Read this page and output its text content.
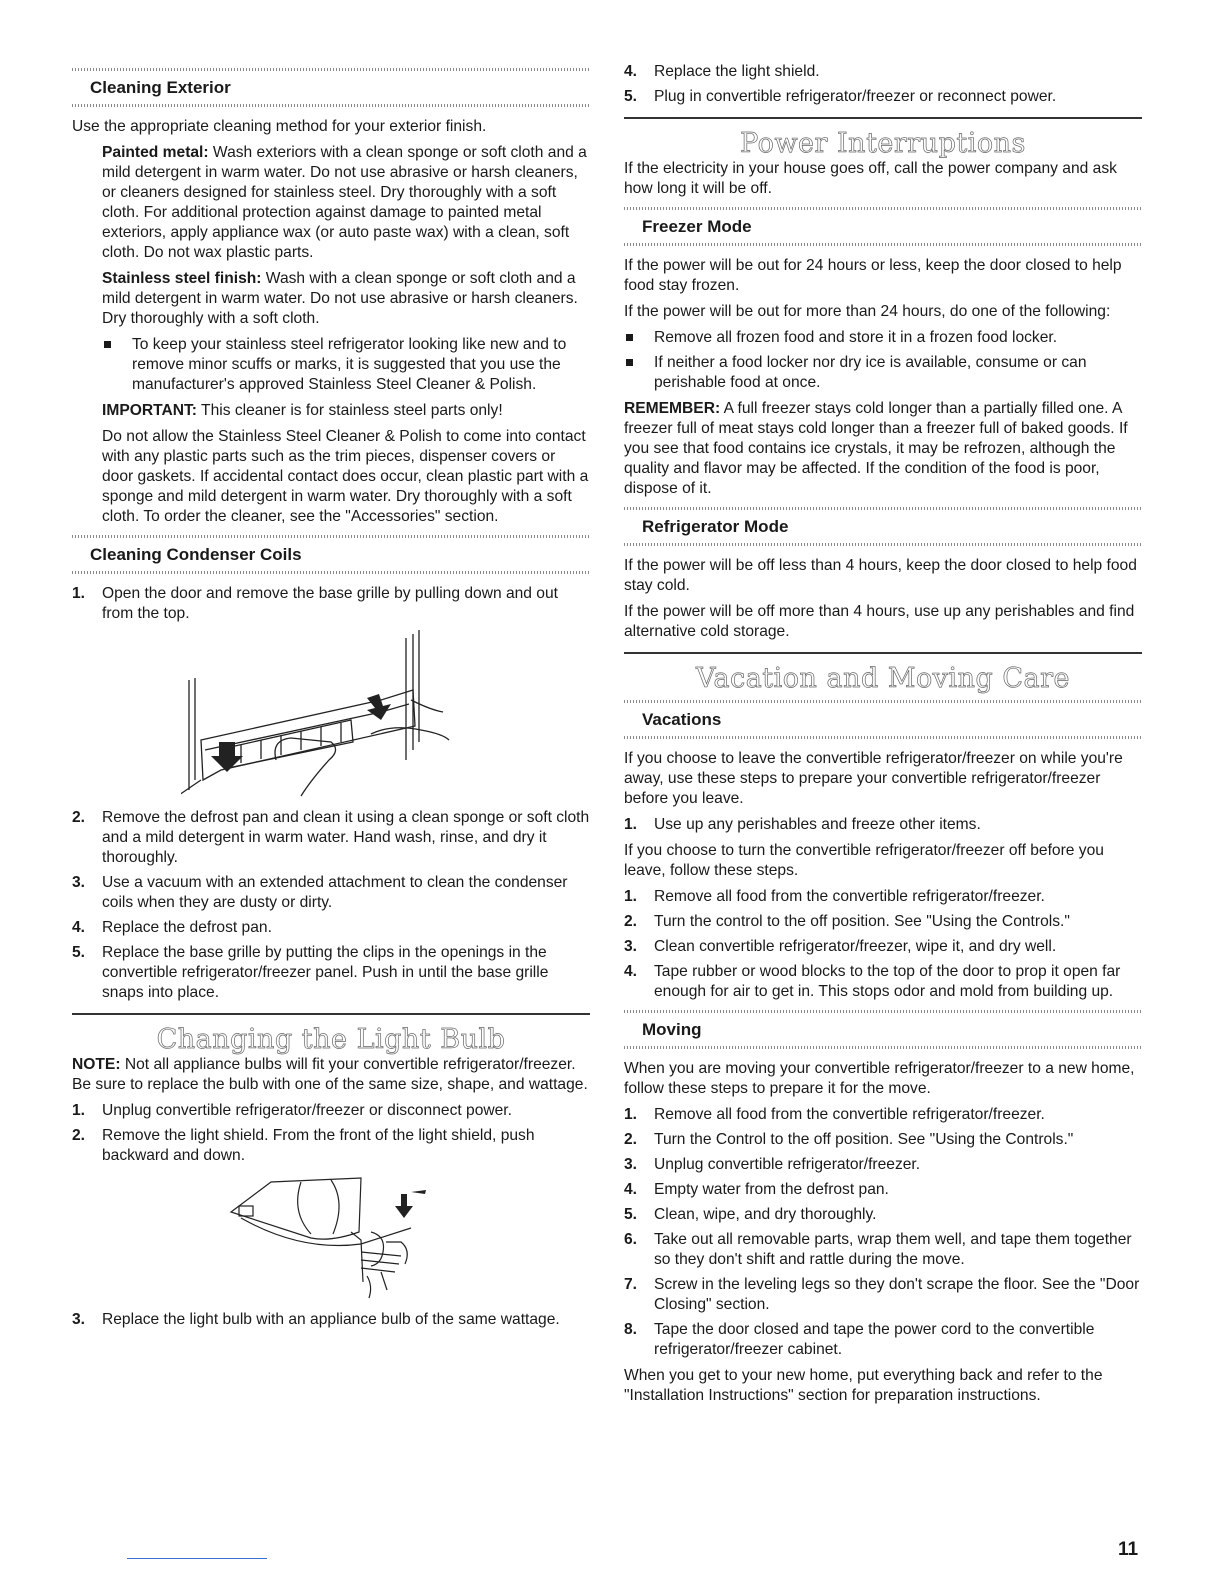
Cleaning Exterior

Use the appropriate cleaning method for your exterior finish.

Painted metal: Wash exteriors with a clean sponge or soft cloth and a mild detergent in warm water. Do not use abrasive or harsh cleaners, or cleaners designed for stainless steel. Dry thoroughly with a soft cloth. For additional protection against damage to painted metal exteriors, apply appliance wax (or auto paste wax) with a clean, soft cloth. Do not wax plastic parts.

Stainless steel finish: Wash with a clean sponge or soft cloth and a mild detergent in warm water. Do not use abrasive or harsh cleaners. Dry thoroughly with a soft cloth.

To keep your stainless steel refrigerator looking like new and to remove minor scuffs or marks, it is suggested that you use the manufacturer's approved Stainless Steel Cleaner & Polish.

IMPORTANT: This cleaner is for stainless steel parts only!

Do not allow the Stainless Steel Cleaner & Polish to come into contact with any plastic parts such as the trim pieces, dispenser covers or door gaskets. If accidental contact does occur, clean plastic part with a sponge and mild detergent in warm water. Dry thoroughly with a soft cloth. To order the cleaner, see the "Accessories" section.

Cleaning Condenser Coils
1. Open the door and remove the base grille by pulling down and out from the top.
2. Remove the defrost pan and clean it using a clean sponge or soft cloth and a mild detergent in warm water. Hand wash, rinse, and dry it thoroughly.
3. Use a vacuum with an extended attachment to clean the condenser coils when they are dusty or dirty.
4. Replace the defrost pan.
5. Replace the base grille by putting the clips in the openings in the convertible refrigerator/freezer panel. Push in until the base grille snaps into place.
Changing the Light Bulb

NOTE: Not all appliance bulbs will fit your convertible refrigerator/freezer. Be sure to replace the bulb with one of the same size, shape, and wattage.

1. Unplug convertible refrigerator/freezer or disconnect power.
2. Remove the light shield. From the front of the light shield, push backward and down.
3. Replace the light bulb with an appliance bulb of the same wattage.
4. Replace the light shield.
5. Plug in convertible refrigerator/freezer or reconnect power.
Power Interruptions

If the electricity in your house goes off, call the power company and ask how long it will be off.

Freezer Mode

If the power will be out for 24 hours or less, keep the door closed to help food stay frozen.

If the power will be out for more than 24 hours, do one of the following:

Remove all frozen food and store it in a frozen food locker.
If neither a food locker nor dry ice is available, consume or can perishable food at once.

REMEMBER: A full freezer stays cold longer than a partially filled one. A freezer full of meat stays cold longer than a freezer full of baked goods. If you see that food contains ice crystals, it may be refrozen, although the quality and flavor may be affected. If the condition of the food is poor, dispose of it.

Refrigerator Mode

If the power will be off less than 4 hours, keep the door closed to help food stay cold.

If the power will be off more than 4 hours, use up any perishables and find alternative cold storage.

Vacation and Moving Care
Vacations

If you choose to leave the convertible refrigerator/freezer on while you're away, use these steps to prepare your convertible refrigerator/freezer before you leave.

1. Use up any perishables and freeze other items.

If you choose to turn the convertible refrigerator/freezer off before you leave, follow these steps.

1. Remove all food from the convertible refrigerator/freezer.
2. Turn the control to the off position. See "Using the Controls."
3. Clean convertible refrigerator/freezer, wipe it, and dry well.
4. Tape rubber or wood blocks to the top of the door to prop it open far enough for air to get in. This stops odor and mold from building up.
Moving

When you are moving your convertible refrigerator/freezer to a new home, follow these steps to prepare it for the move.

1. Remove all food from the convertible refrigerator/freezer.
2. Turn the Control to the off position. See "Using the Controls."
3. Unplug convertible refrigerator/freezer.
4. Empty water from the defrost pan.
5. Clean, wipe, and dry thoroughly.
6. Take out all removable parts, wrap them well, and tape them together so they don't shift and rattle during the move.
7. Screw in the leveling legs so they don't scrape the floor. See the "Door Closing" section.
8. Tape the door closed and tape the power cord to the convertible refrigerator/freezer cabinet.

When you get to your new home, put everything back and refer to the "Installation Instructions" section for preparation instructions.

11
